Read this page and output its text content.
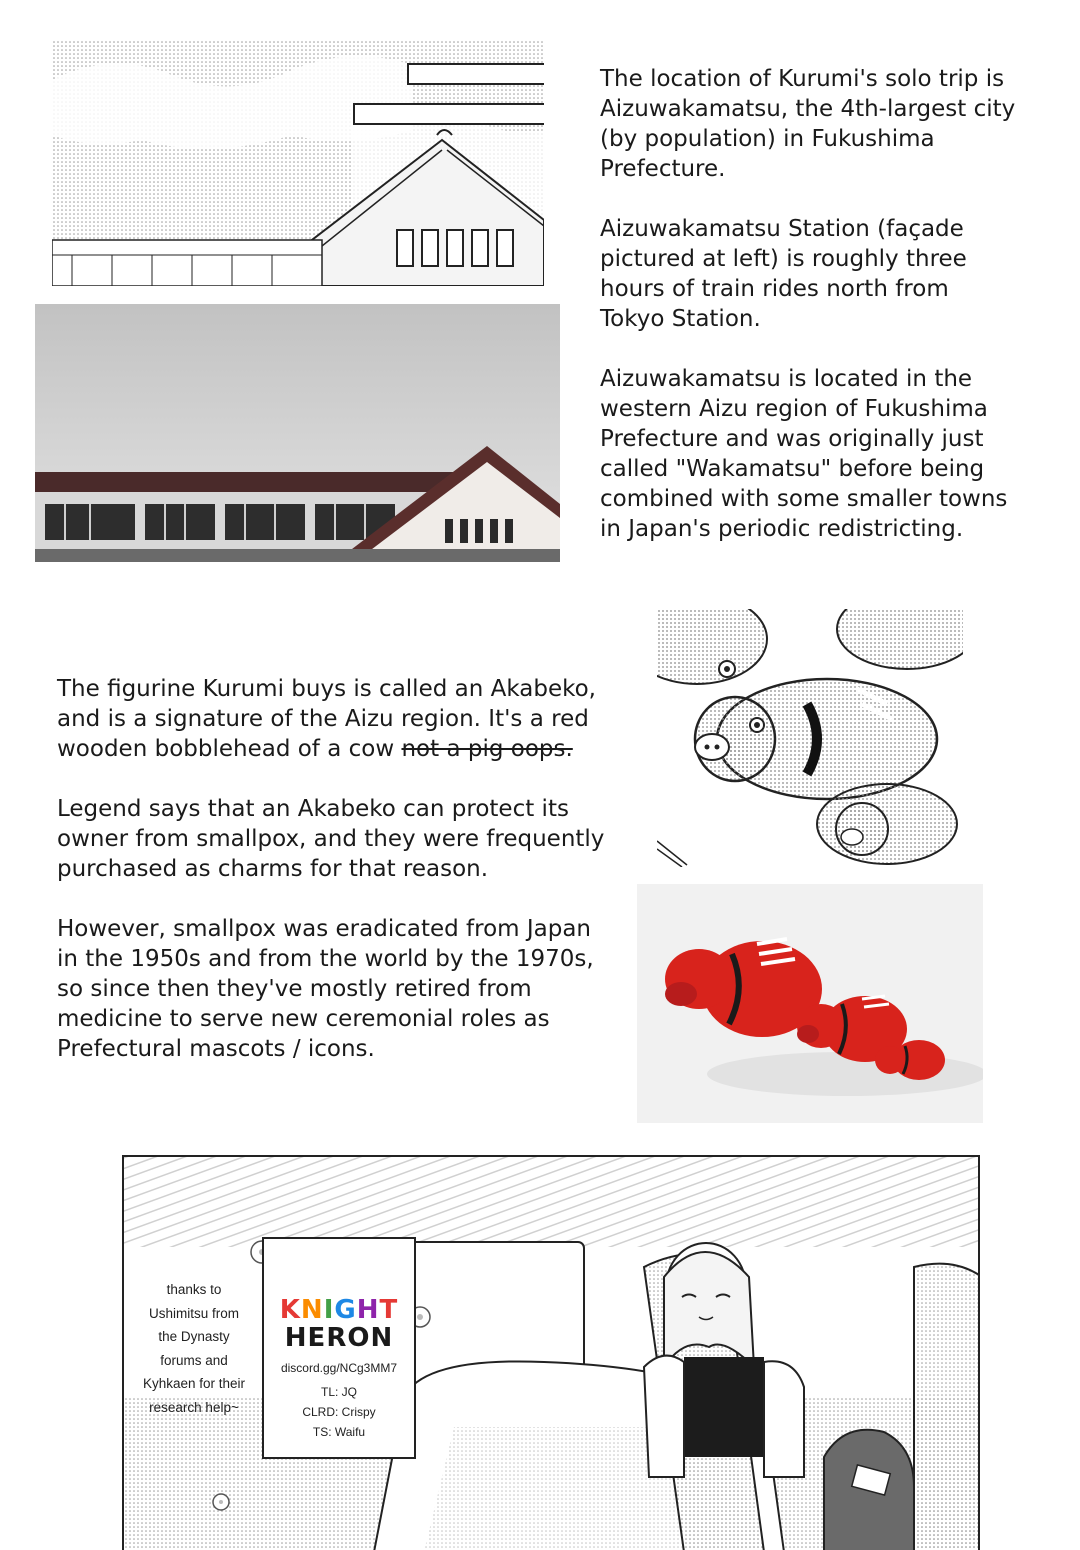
The location of Kurumi's solo trip is Aizuwakamatsu, the 4th-largest city (by population) in Fukushima Prefecture.

Aizuwakamatsu Station (façade pictured at left) is roughly three hours of train rides north from Tokyo Station.

Aizuwakamatsu is located in the western Aizu region of Fukushima Prefecture and was originally just called "Wakamatsu" before being combined with some smaller towns in Japan's periodic redistricting.

The figurine Kurumi buys is called an Akabeko, and is a signature of the Aizu region. It's a red wooden bobblehead of a cow not a pig oops.

Legend says that an Akabeko can protect its owner from smallpox, and they were frequently purchased as charms for that reason.

However, smallpox was eradicated from Japan in the 1950s and from the world by the 1970s, so since then they've mostly retired from medicine to serve new ceremonial roles as Prefectural mascots / icons.

thanks to Ushimitsu from the Dynasty forums and Kyhkaen for their research help~
KNIGHT
HERON
discord.gg/NCg3MM7
TL: JQ
CLRD: Crispy
TS: Waifu
